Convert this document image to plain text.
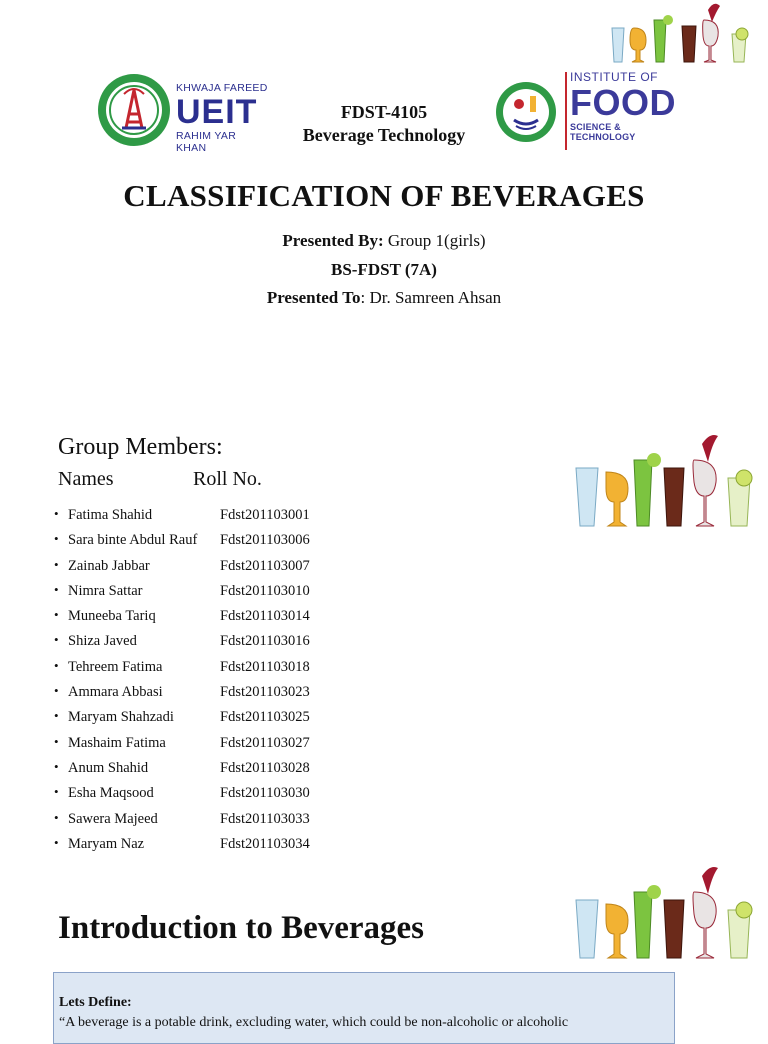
KHWAJA FAREED
UEIT
RAHIM YAR KHAN
FDST-4105
Beverage Technology
INSTITUTE OF
FOOD
SCIENCE & TECHNOLOGY
CLASSIFICATION OF BEVERAGES
Presented By: Group 1(girls)
BS-FDST (7A)
Presented To: Dr. Samreen Ahsan
Group Members:
Names	Roll No.
• Fatima Shahid	Fdst201103001
• Sara binte Abdul Rauf Fdst201103006
• Zainab Jabbar	Fdst201103007
• Nimra Sattar	Fdst201103010
• Muneeba Tariq	Fdst201103014
• Shiza Javed	Fdst201103016
• Tehreem Fatima	Fdst201103018
• Ammara Abbasi	Fdst201103023
• Maryam Shahzadi	Fdst201103025
• Mashaim Fatima	Fdst201103027
• Anum Shahid	Fdst201103028
• Esha Maqsood	Fdst201103030
• Sawera Majeed	Fdst201103033
• Maryam Naz	Fdst201103034
Introduction to Beverages
Lets Define:
“A beverage is a potable drink, excluding water, which could be non-alcoholic or alcoholic
